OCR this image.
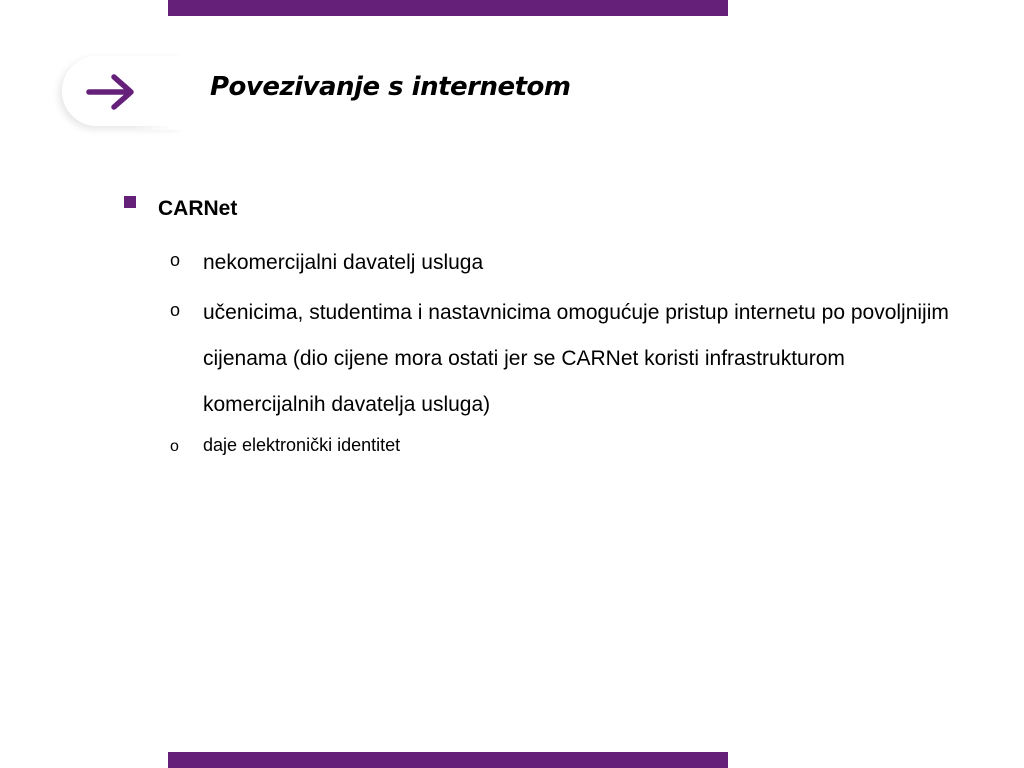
Povezivanje s internetom
CARNet
o nekomercijalni davatelj usluga
o učenicima, studentima i nastavnicima omogućuje pristup internetu po povoljnijim cijenama (dio cijene mora ostati jer se CARNet koristi infrastrukturom komercijalnih davatelja usluga)
o daje elektronički identitet
